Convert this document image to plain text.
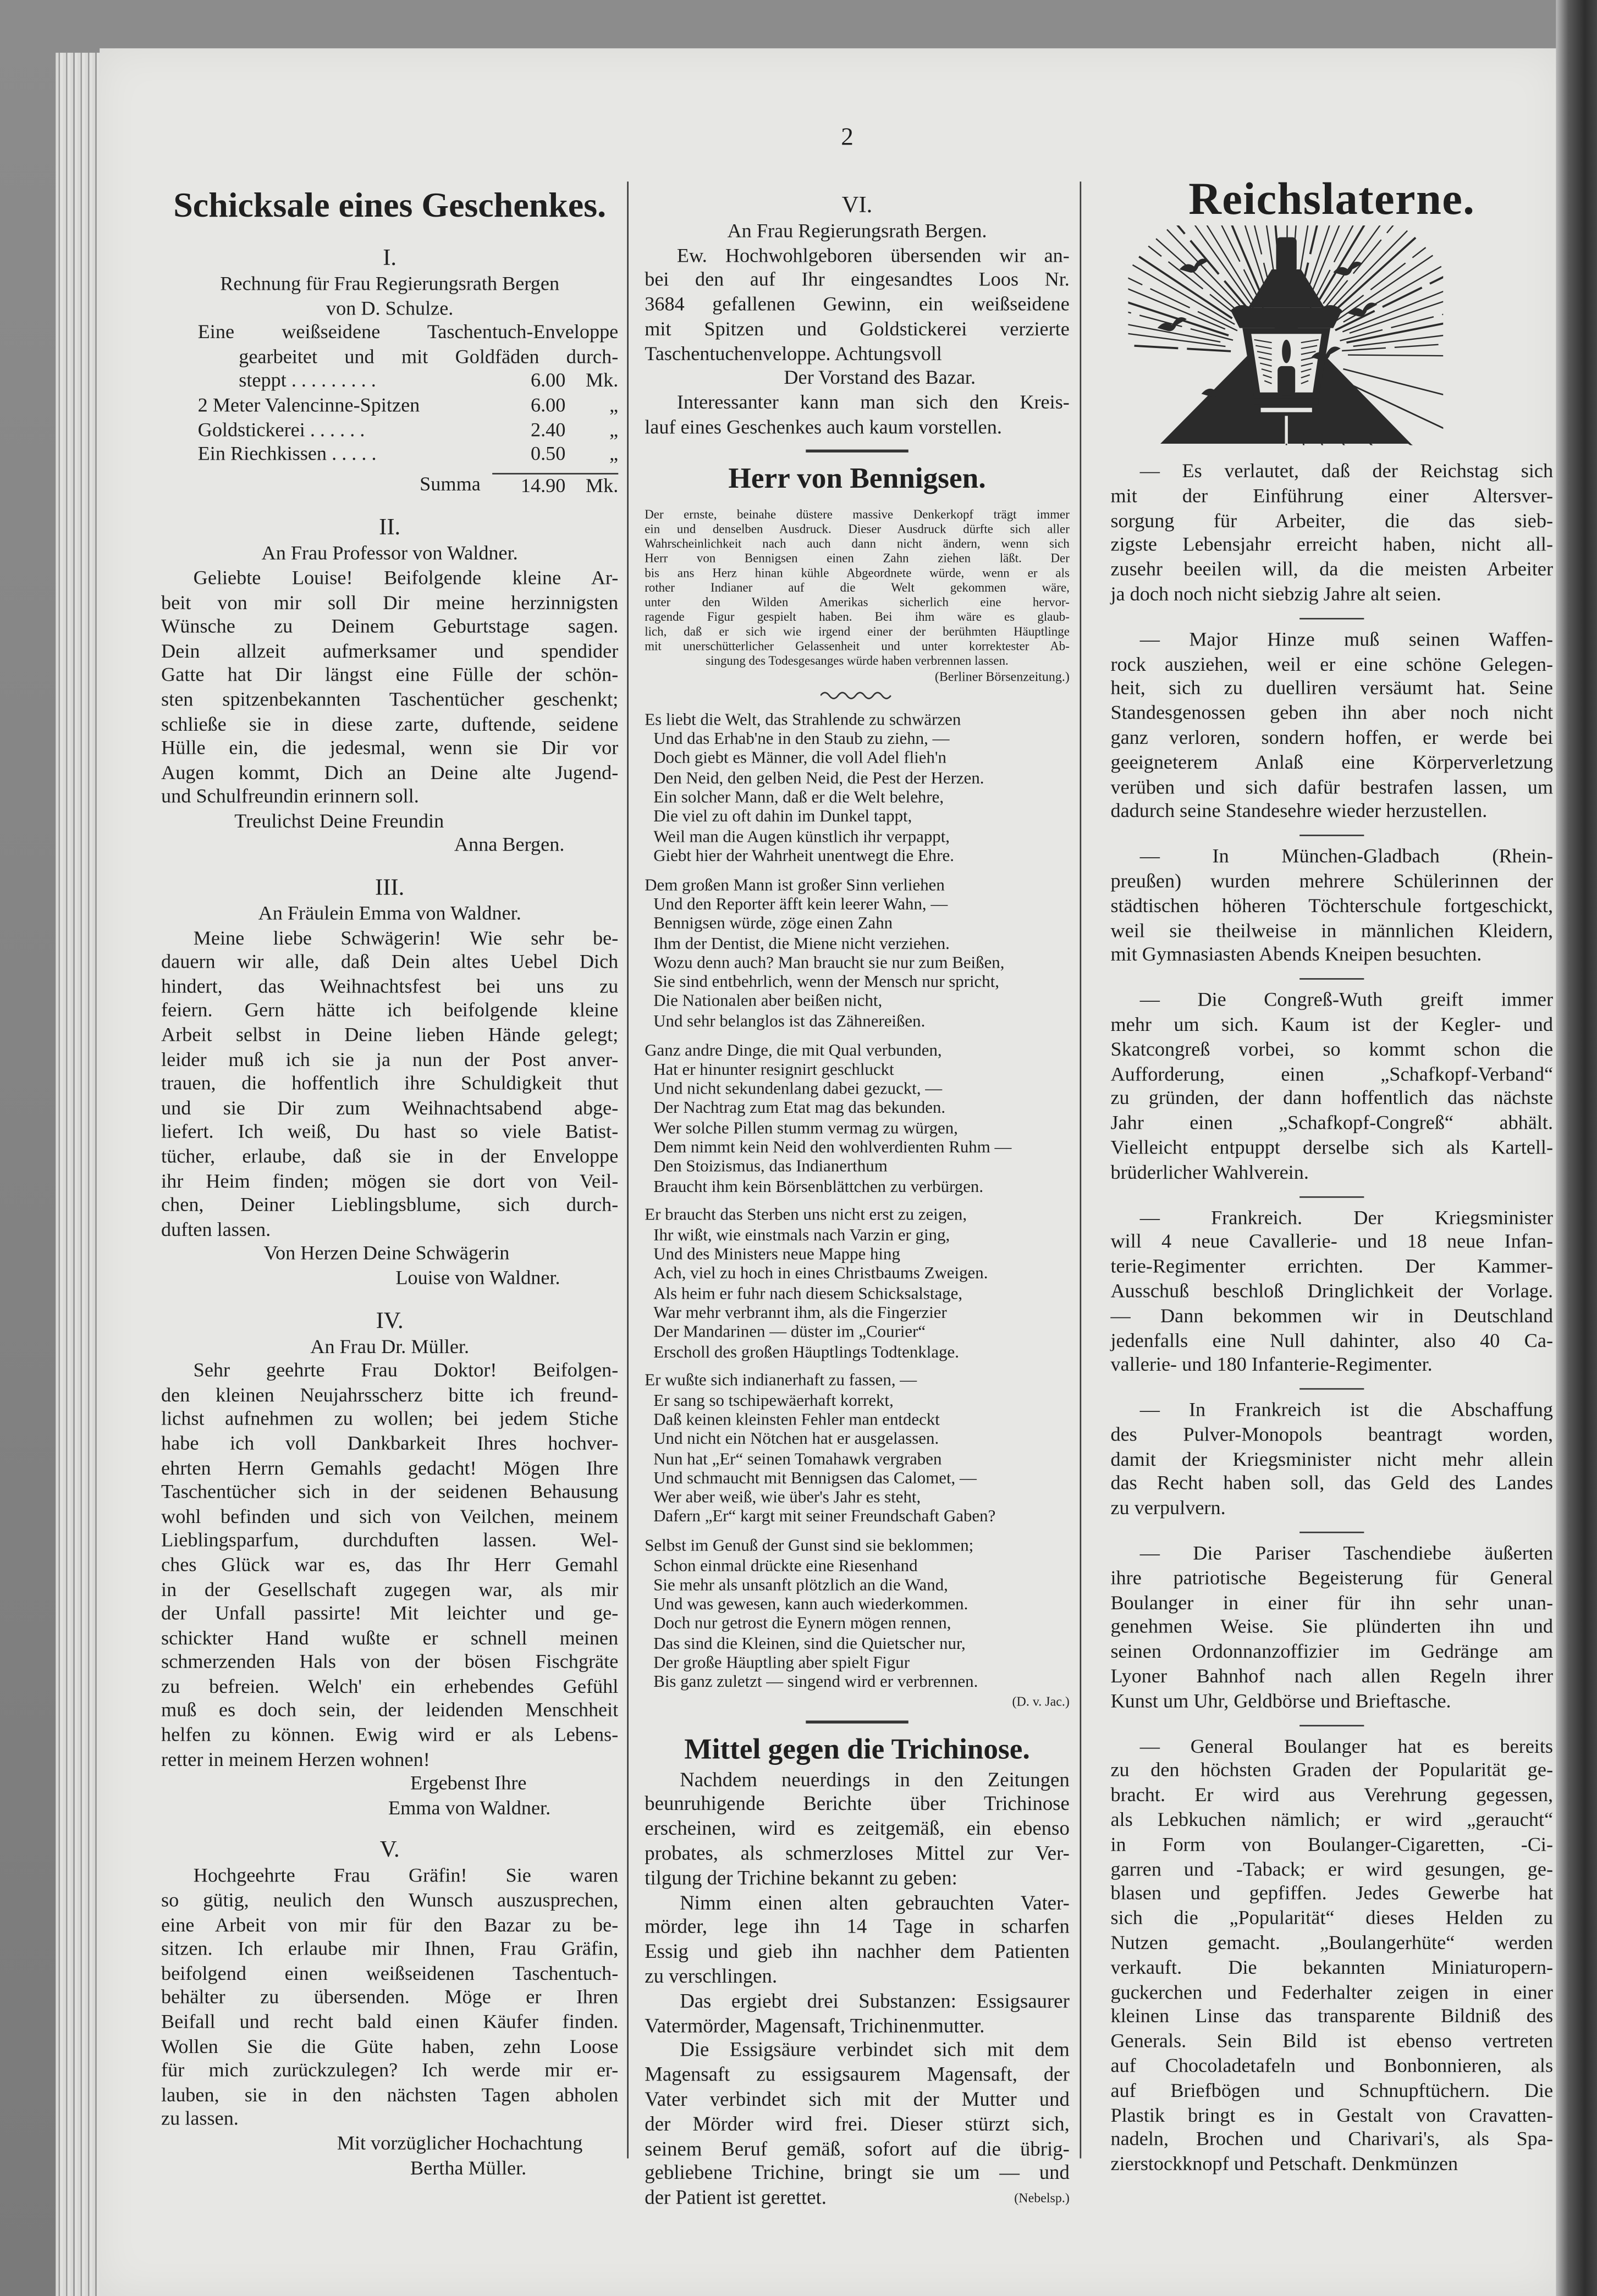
2
Schicksale eines Geschenkes.
I.
Rechnung für Frau Regierungsrath Bergen
von D. Schulze.
Eine weißseidene Taschentuch-Enveloppe
gearbeitet und mit Goldfäden durch-
steppt . . . . . . . . .	6.00	Mk.
2 Meter Valencinne-Spitzen	6.00	„
Goldstickerei . . . . . .	2.40	„
Ein Riechkissen . . . . .	0.50	„
Summa	14.90	Mk.
II.
An Frau Professor von Waldner.
Geliebte Louise! Beifolgende kleine Ar-
beit von mir soll Dir meine herzinnigsten
Wünsche zu Deinem Geburtstage sagen.
Dein allzeit aufmerksamer und spendider
Gatte hat Dir längst eine Fülle der schön-
sten spitzenbekannten Taschentücher geschenkt;
schließe sie in diese zarte, duftende, seidene
Hülle ein, die jedesmal, wenn sie Dir vor
Augen kommt, Dich an Deine alte Jugend-
und Schulfreundin erinnern soll.
Treulichst Deine Freundin
Anna Bergen.
III.
An Fräulein Emma von Waldner.
Meine liebe Schwägerin! Wie sehr be-
dauern wir alle, daß Dein altes Uebel Dich
hindert, das Weihnachtsfest bei uns zu
feiern. Gern hätte ich beifolgende kleine
Arbeit selbst in Deine lieben Hände gelegt;
leider muß ich sie ja nun der Post anver-
trauen, die hoffentlich ihre Schuldigkeit thut
und sie Dir zum Weihnachtsabend abge-
liefert. Ich weiß, Du hast so viele Batist-
tücher, erlaube, daß sie in der Enveloppe
ihr Heim finden; mögen sie dort von Veil-
chen, Deiner Lieblingsblume, sich durch-
duften lassen.
Von Herzen Deine Schwägerin
Louise von Waldner.
IV.
An Frau Dr. Müller.
Sehr geehrte Frau Doktor! Beifolgen-
den kleinen Neujahrsscherz bitte ich freund-
lichst aufnehmen zu wollen; bei jedem Stiche
habe ich voll Dankbarkeit Ihres hochver-
ehrten Herrn Gemahls gedacht! Mögen Ihre
Taschentücher sich in der seidenen Behausung
wohl befinden und sich von Veilchen, meinem
Lieblingsparfum, durchduften lassen. Wel-
ches Glück war es, das Ihr Herr Gemahl
in der Gesellschaft zugegen war, als mir
der Unfall passirte! Mit leichter und ge-
schickter Hand wußte er schnell meinen
schmerzenden Hals von der bösen Fischgräte
zu befreien. Welch' ein erhebendes Gefühl
muß es doch sein, der leidenden Menschheit
helfen zu können. Ewig wird er als Lebens-
retter in meinem Herzen wohnen!
Ergebenst Ihre
Emma von Waldner.
V.
Hochgeehrte Frau Gräfin! Sie waren
so gütig, neulich den Wunsch auszusprechen,
eine Arbeit von mir für den Bazar zu be-
sitzen. Ich erlaube mir Ihnen, Frau Gräfin,
beifolgend einen weißseidenen Taschentuch-
behälter zu übersenden. Möge er Ihren
Beifall und recht bald einen Käufer finden.
Wollen Sie die Güte haben, zehn Loose
für mich zurückzulegen? Ich werde mir er-
lauben, sie in den nächsten Tagen abholen
zu lassen.
Mit vorzüglicher Hochachtung
Bertha Müller.
VI.
An Frau Regierungsrath Bergen.
Ew. Hochwohlgeboren übersenden wir an-
bei den auf Ihr eingesandtes Loos Nr.
3684 gefallenen Gewinn, ein weißseidene
mit Spitzen und Goldstickerei verzierte
Taschentuchenveloppe. Achtungsvoll
Der Vorstand des Bazar.
Interessanter kann man sich den Kreis-
lauf eines Geschenkes auch kaum vorstellen.
Herr von Bennigsen.
Der ernste, beinahe düstere massive Denkerkopf trägt immer
ein und denselben Ausdruck. Dieser Ausdruck dürfte sich aller
Wahrscheinlichkeit nach auch dann nicht ändern, wenn sich
Herr von Bennigsen einen Zahn ziehen läßt. Der
bis ans Herz hinan kühle Abgeordnete würde, wenn er als
rother Indianer auf die Welt gekommen wäre,
unter den Wilden Amerikas sicherlich eine hervor-
ragende Figur gespielt haben. Bei ihm wäre es glaub-
lich, daß er sich wie irgend einer der berühmten Häuptlinge
mit unerschütterlicher Gelassenheit und unter korrektester Ab-
singung des Todesgesanges würde haben verbrennen lassen.
(Berliner Börsenzeitung.)
Es liebt die Welt, das Strahlende zu schwärzen
Und das Erhab'ne in den Staub zu ziehn, —
Doch giebt es Männer, die voll Adel flieh'n
Den Neid, den gelben Neid, die Pest der Herzen.
Ein solcher Mann, daß er die Welt belehre,
Die viel zu oft dahin im Dunkel tappt,
Weil man die Augen künstlich ihr verpappt,
Giebt hier der Wahrheit unentwegt die Ehre.
Dem großen Mann ist großer Sinn verliehen
Und den Reporter äfft kein leerer Wahn, —
Bennigsen würde, zöge einen Zahn
Ihm der Dentist, die Miene nicht verziehen.
Wozu denn auch? Man braucht sie nur zum Beißen,
Sie sind entbehrlich, wenn der Mensch nur spricht,
Die Nationalen aber beißen nicht,
Und sehr belanglos ist das Zähnereißen.
Ganz andre Dinge, die mit Qual verbunden,
Hat er hinunter resignirt geschluckt
Und nicht sekundenlang dabei gezuckt, —
Der Nachtrag zum Etat mag das bekunden.
Wer solche Pillen stumm vermag zu würgen,
Dem nimmt kein Neid den wohlverdienten Ruhm —
Den Stoizismus, das Indianerthum
Braucht ihm kein Börsenblättchen zu verbürgen.
Er braucht das Sterben uns nicht erst zu zeigen,
Ihr wißt, wie einstmals nach Varzin er ging,
Und des Ministers neue Mappe hing
Ach, viel zu hoch in eines Christbaums Zweigen.
Als heim er fuhr nach diesem Schicksalstage,
War mehr verbrannt ihm, als die Fingerzier
Der Mandarinen — düster im „Courier“
Erscholl des großen Häuptlings Todtenklage.
Er wußte sich indianerhaft zu fassen, —
Er sang so tschipewäerhaft korrekt,
Daß keinen kleinsten Fehler man entdeckt
Und nicht ein Nötchen hat er ausgelassen.
Nun hat „Er“ seinen Tomahawk vergraben
Und schmaucht mit Bennigsen das Calomet, —
Wer aber weiß, wie über's Jahr es steht,
Dafern „Er“ kargt mit seiner Freundschaft Gaben?
Selbst im Genuß der Gunst sind sie beklommen;
Schon einmal drückte eine Riesenhand
Sie mehr als unsanft plötzlich an die Wand,
Und was gewesen, kann auch wiederkommen.
Doch nur getrost die Eynern mögen rennen,
Das sind die Kleinen, sind die Quietscher nur,
Der große Häuptling aber spielt Figur
Bis ganz zuletzt — singend wird er verbrennen.
(D. v. Jac.)
Mittel gegen die Trichinose.
Nachdem neuerdings in den Zeitungen
beunruhigende Berichte über Trichinose
erscheinen, wird es zeitgemäß, ein ebenso
probates, als schmerzloses Mittel zur Ver-
tilgung der Trichine bekannt zu geben:
Nimm einen alten gebrauchten Vater-
mörder, lege ihn 14 Tage in scharfen
Essig und gieb ihn nachher dem Patienten
zu verschlingen.
Das ergiebt drei Substanzen: Essigsaurer
Vatermörder, Magensaft, Trichinenmutter.
Die Essigsäure verbindet sich mit dem
Magensaft zu essigsaurem Magensaft, der
Vater verbindet sich mit der Mutter und
der Mörder wird frei. Dieser stürzt sich,
seinem Beruf gemäß, sofort auf die übrig-
gebliebene Trichine, bringt sie um — und
der Patient ist gerettet.	(Nebelsp.)
Reichslaterne.
— Es verlautet, daß der Reichstag sich
mit der Einführung einer Altersver-
sorgung für Arbeiter, die das sieb-
zigste Lebensjahr erreicht haben, nicht all-
zusehr beeilen will, da die meisten Arbeiter
ja doch noch nicht siebzig Jahre alt seien.
— Major Hinze muß seinen Waffen-
rock ausziehen, weil er eine schöne Gelegen-
heit, sich zu duelliren versäumt hat. Seine
Standesgenossen geben ihn aber noch nicht
ganz verloren, sondern hoffen, er werde bei
geeigneterem Anlaß eine Körperverletzung
verüben und sich dafür bestrafen lassen, um
dadurch seine Standesehre wieder herzustellen.
— In München-Gladbach (Rhein-
preußen) wurden mehrere Schülerinnen der
städtischen höheren Töchterschule fortgeschickt,
weil sie theilweise in männlichen Kleidern,
mit Gymnasiasten Abends Kneipen besuchten.
— Die Congreß-Wuth greift immer
mehr um sich. Kaum ist der Kegler- und
Skatcongreß vorbei, so kommt schon die
Aufforderung, einen „Schafkopf-Verband“
zu gründen, der dann hoffentlich das nächste
Jahr einen „Schafkopf-Congreß“ abhält.
Vielleicht entpuppt derselbe sich als Kartell-
brüderlicher Wahlverein.
— Frankreich. Der Kriegsminister
will 4 neue Cavallerie- und 18 neue Infan-
terie-Regimenter errichten. Der Kammer-
Ausschuß beschloß Dringlichkeit der Vorlage.
— Dann bekommen wir in Deutschland
jedenfalls eine Null dahinter, also 40 Ca-
vallerie- und 180 Infanterie-Regimenter.
— In Frankreich ist die Abschaffung
des Pulver-Monopols beantragt worden,
damit der Kriegsminister nicht mehr allein
das Recht haben soll, das Geld des Landes
zu verpulvern.
— Die Pariser Taschendiebe äußerten
ihre patriotische Begeisterung für General
Boulanger in einer für ihn sehr unan-
genehmen Weise. Sie plünderten ihn und
seinen Ordonnanzoffizier im Gedränge am
Lyoner Bahnhof nach allen Regeln ihrer
Kunst um Uhr, Geldbörse und Brieftasche.
— General Boulanger hat es bereits
zu den höchsten Graden der Popularität ge-
bracht. Er wird aus Verehrung gegessen,
als Lebkuchen nämlich; er wird „geraucht“
in Form von Boulanger-Cigaretten, -Ci-
garren und -Taback; er wird gesungen, ge-
blasen und gepfiffen. Jedes Gewerbe hat
sich die „Popularität“ dieses Helden zu
Nutzen gemacht. „Boulangerhüte“ werden
verkauft. Die bekannten Miniaturopern-
guckerchen und Federhalter zeigen in einer
kleinen Linse das transparente Bildniß des
Generals. Sein Bild ist ebenso vertreten
auf Chocoladetafeln und Bonbonnieren, als
auf Briefbögen und Schnupftüchern. Die
Plastik bringt es in Gestalt von Cravatten-
nadeln, Brochen und Charivari's, als Spa-
zierstockknopf und Petschaft. Denkmünzen
